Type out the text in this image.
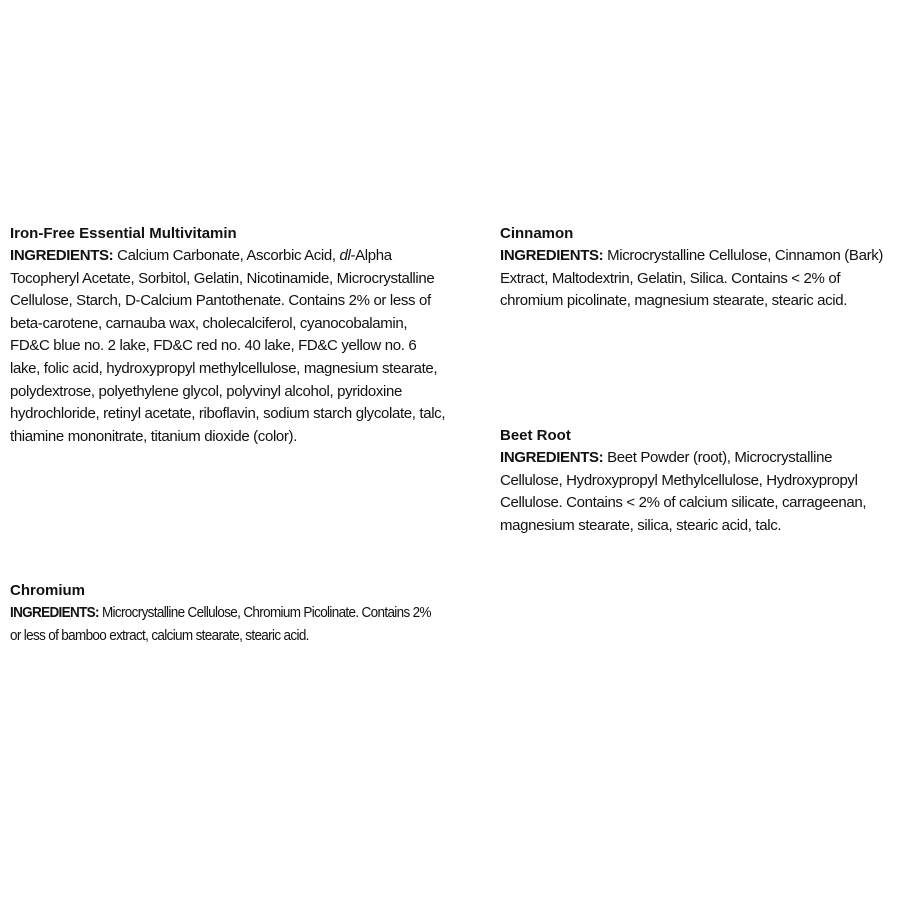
Iron-Free Essential Multivitamin

INGREDIENTS: Calcium Carbonate, Ascorbic Acid, dl-Alpha Tocopheryl Acetate, Sorbitol, Gelatin, Nicotinamide, Microcrystalline Cellulose, Starch, D-Calcium Pantothenate. Contains 2% or less of beta-carotene, carnauba wax, cholecalciferol, cyanocobalamin, FD&C blue no. 2 lake, FD&C red no. 40 lake, FD&C yellow no. 6 lake, folic acid, hydroxypropyl methylcellulose, magnesium stearate, polydextrose, polyethylene glycol, polyvinyl alcohol, pyridoxine hydrochloride, retinyl acetate, riboflavin, sodium starch glycolate, talc, thiamine mononitrate, titanium dioxide (color).

Chromium

INGREDIENTS: Microcrystalline Cellulose, Chromium Picolinate. Contains 2% or less of bamboo extract, calcium stearate, stearic acid.

Cinnamon

INGREDIENTS: Microcrystalline Cellulose, Cinnamon (Bark) Extract, Maltodextrin, Gelatin, Silica. Contains < 2% of chromium picolinate, magnesium stearate, stearic acid.

Beet Root

INGREDIENTS: Beet Powder (root), Microcrystalline Cellulose, Hydroxypropyl Methylcellulose, Hydroxypropyl Cellulose. Contains < 2% of calcium silicate, carrageenan, magnesium stearate, silica, stearic acid, talc.
